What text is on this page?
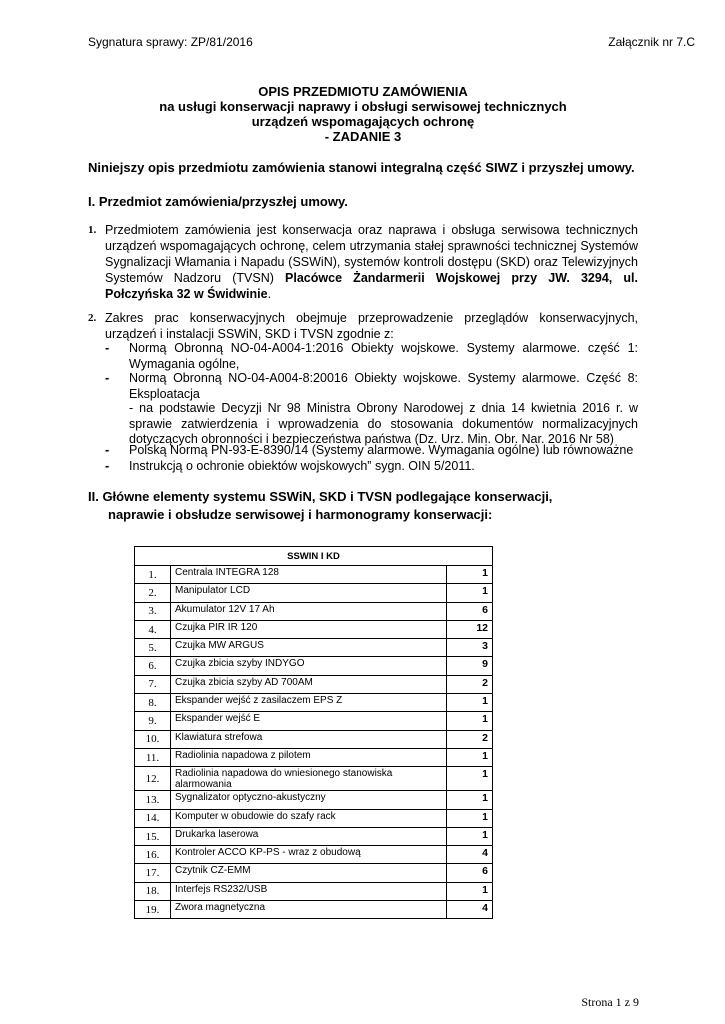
Sygnatura sprawy: ZP/81/2016	Załącznik nr 7.C
OPIS PRZEDMIOTU ZAMÓWIENIA
na usługi konserwacji naprawy i obsługi serwisowej technicznych
urządzeń wspomagających ochronę
- ZADANIE 3
Niniejszy opis przedmiotu zamówienia stanowi integralną część SIWZ i przyszłej umowy.
I. Przedmiot zamówienia/przyszłej umowy.
1. Przedmiotem zamówienia jest konserwacja oraz naprawa i obsługa serwisowa technicznych urządzeń wspomagających ochronę, celem utrzymania stałej sprawności technicznej Systemów Sygnalizacji Włamania i Napadu (SSWiN), systemów kontroli dostępu (SKD) oraz Telewizyjnych Systemów Nadzoru (TVSN) Placówce Żandarmerii Wojskowej przy JW. 3294, ul. Połczyńska 32 w Świdwinie.
2. Zakres prac konserwacyjnych obejmuje przeprowadzenie przeglądów konserwacyjnych, urządzeń i instalacji SSWiN, SKD i TVSN zgodnie z:
- Normą Obronną NO-04-A004-1:2016 Obiekty wojskowe. Systemy alarmowe. część 1: Wymagania ogólne,
- Normą Obronną NO-04-A004-8:20016 Obiekty wojskowe. Systemy alarmowe. Część 8: Eksploatacja
- na podstawie Decyzji Nr 98 Ministra Obrony Narodowej z dnia 14 kwietnia 2016 r. w sprawie zatwierdzenia i wprowadzenia do stosowania dokumentów normalizacyjnych dotyczących obronności i bezpieczeństwa państwa (Dz. Urz. Min. Obr. Nar. 2016 Nr 58)
- Polską Normą PN-93-E-8390/14 (Systemy alarmowe. Wymagania ogólne) lub równoważne
- Instrukcją o ochronie obiektów wojskowych” sygn. OIN 5/2011.
II. Główne elementy systemu SSWiN, SKD i TVSN podlegające konserwacji,
naprawie i obsłudze serwisowej i harmonogramy konserwacji:
SSWIN I KD		
1.	Centrala INTEGRA 128	1
2.	Manipulator LCD	1
3.	Akumulator 12V 17 Ah	6
4.	Czujka PIR IR 120	12
5.	Czujka MW ARGUS	3
6.	Czujka zbicia szyby INDYGO	9
7.	Czujka zbicia szyby AD 700AM	2
8.	Ekspander wejść z zasilaczem EPS Z	1
9.	Ekspander wejść E	1
10.	Klawiatura strefowa	2
11.	Radiolinia napadowa z pilotem	1
12.	Radiolinia napadowa do wniesionego stanowiska alarmowania	1
13.	Sygnalizator optyczno-akustyczny	1
14.	Komputer w obudowie do szafy rack	1
15.	Drukarka laserowa	1
16.	Kontroler ACCO KP-PS - wraz z obudową	4
17.	Czytnik CZ-EMM	6
18.	Interfejs RS232/USB	1
19.	Zwora magnetyczna	4
Strona 1 z 9
